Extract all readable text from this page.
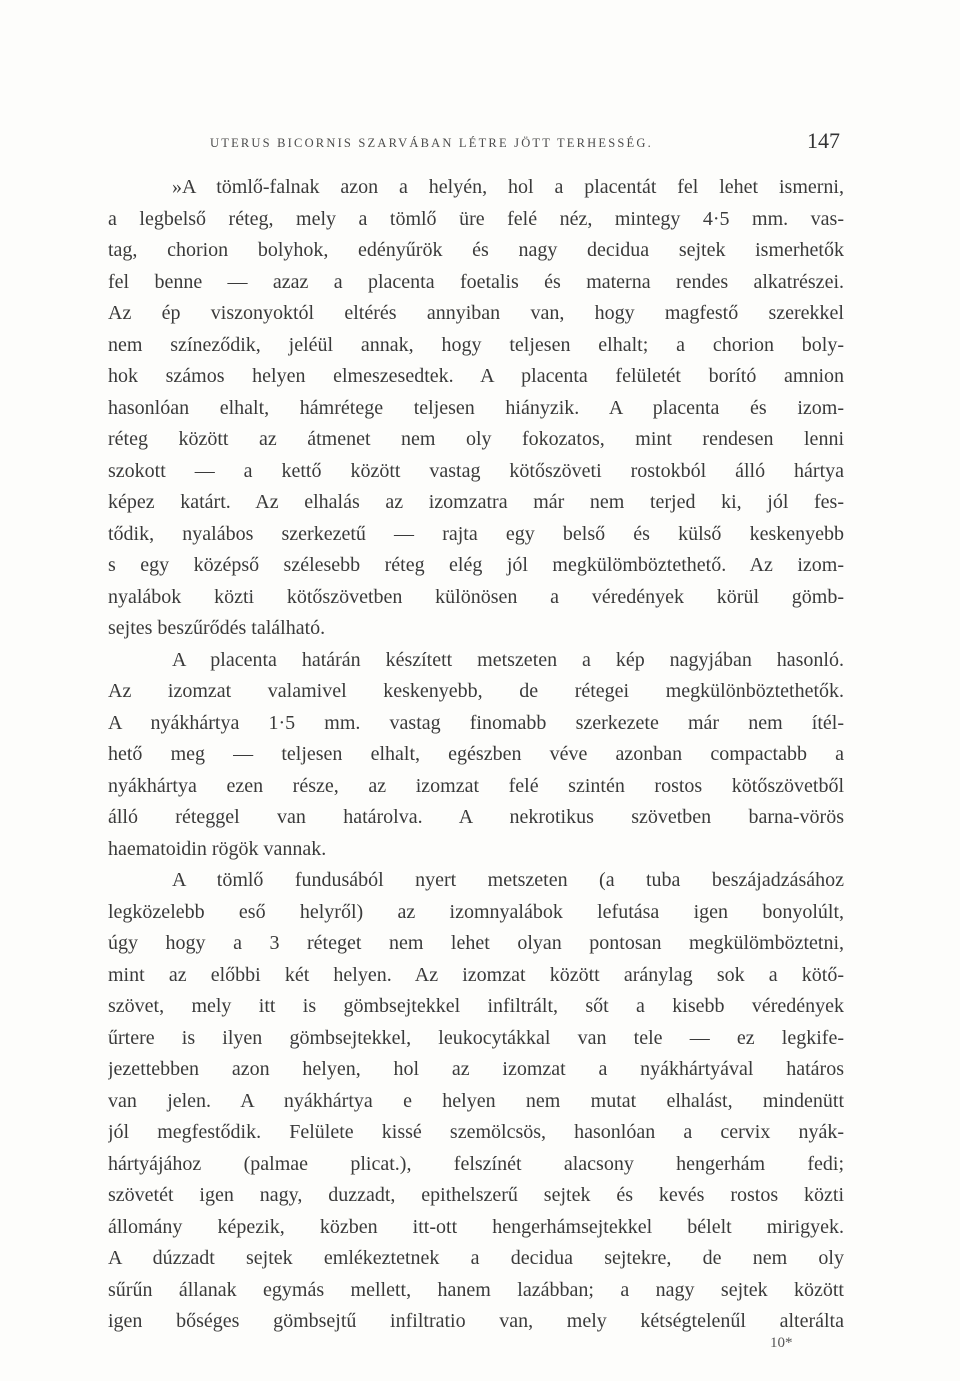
UTERUS BICORNIS SZARVÁBAN LÉTRE JÖTT TERHESSÉG.	147
»A tömlő-falnak azon a helyén, hol a placentát fel lehet ismerni,
a legbelső réteg, mely a tömlő üre felé néz, mintegy 4·5 mm. vas-
tag, chorion bolyhok, edényűrök és nagy decidua sejtek ismerhetők
fel benne — azaz a placenta foetalis és materna rendes alkatrészei.
Az ép viszonyoktól eltérés annyiban van, hogy magfestő szerekkel
nem színeződik, jeléül annak, hogy teljesen elhalt; a chorion boly-
hok számos helyen elmeszesedtek. A placenta felületét borító amnion
hasonlóan elhalt, hámrétege teljesen hiányzik. A placenta és izom-
réteg között az átmenet nem oly fokozatos, mint rendesen lenni
szokott — a kettő között vastag kötőszöveti rostokból álló hártya
képez katárt. Az elhalás az izomzatra már nem terjed ki, jól fes-
tődik, nyalábos szerkezetű — rajta egy belső és külső keskenyebb
s egy középső szélesebb réteg elég jól megkülömböztethető. Az izom-
nyalábok közti kötőszövetben különösen a véredények körül gömb-
sejtes beszűrődés található.
A placenta határán készített metszeten a kép nagyjában hasonló.
Az izomzat valamivel keskenyebb, de rétegei megkülönböztethetők.
A nyákhártya 1·5 mm. vastag finomabb szerkezete már nem ítél-
hető meg — teljesen elhalt, egészben véve azonban compactabb a
nyákhártya ezen része, az izomzat felé szintén rostos kötőszövetből
álló réteggel van határolva. A nekrotikus szövetben barna-vörös
haematoidin rögök vannak.
A tömlő fundusából nyert metszeten (a tuba beszájadzásához
legközelebb eső helyről) az izomnyalábok lefutása igen bonyolúlt,
úgy hogy a 3 réteget nem lehet olyan pontosan megkülömböztetni,
mint az előbbi két helyen. Az izomzat között aránylag sok a kötő-
szövet, mely itt is gömbsejtekkel infiltrált, sőt a kisebb véredények
űrtere is ilyen gömbsejtekkel, leukocytákkal van tele — ez legkife-
jezettebben azon helyen, hol az izomzat a nyákhártyával határos
van jelen. A nyákhártya e helyen nem mutat elhalást, mindenütt
jól megfestődik. Felülete kissé szemölcsös, hasonlóan a cervix nyák-
hártyájához (palmae plicat.), felszínét alacsony hengerhám fedi;
szövetét igen nagy, duzzadt, epithelszerű sejtek és kevés rostos közti
állomány képezik, közben itt-ott hengerhámsejtekkel bélelt mirigyek.
A dúzzadt sejtek emlékeztetnek a decidua sejtekre, de nem oly
sűrűn állanak egymás mellett, hanem lazábban; a nagy sejtek között
igen bőséges gömbsejtű infiltratio van, mely kétségtelenűl alterálta
10*
